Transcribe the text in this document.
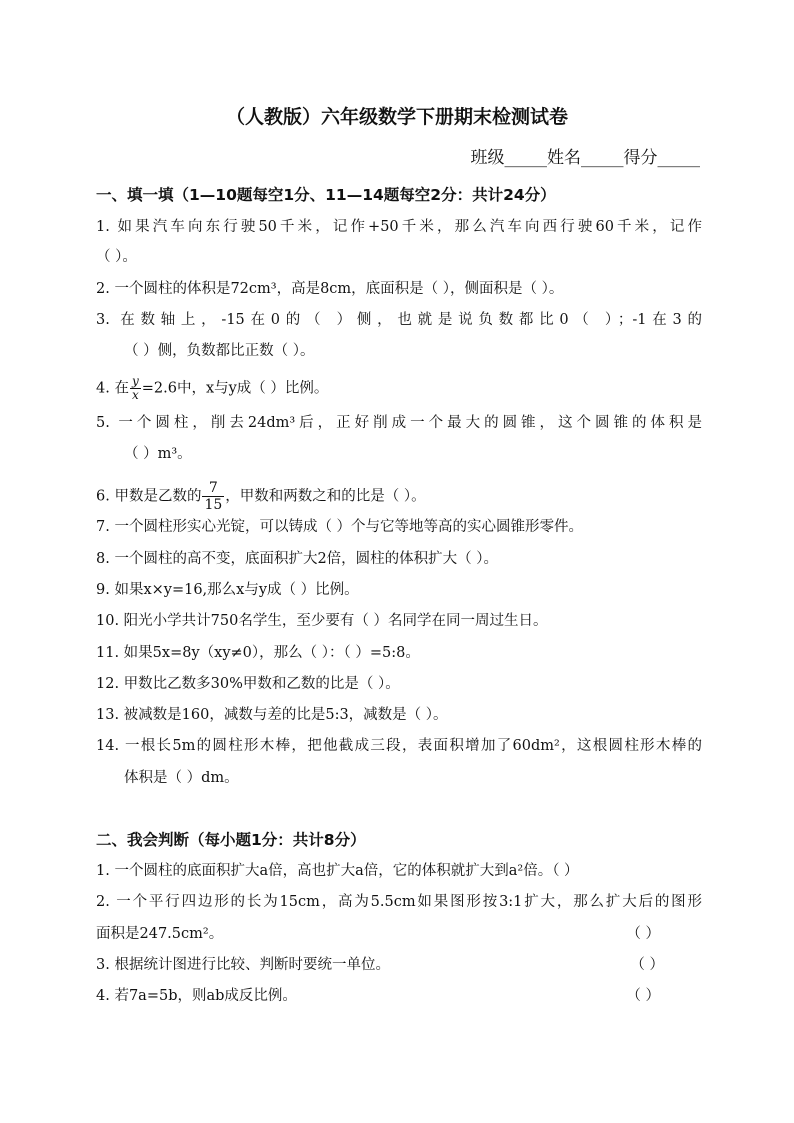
（人教版）六年级数学下册期末检测试卷
班级_____姓名_____得分_____
一、填一填（1—10题每空1分、11—14题每空2分：共计24分）
1. 如果汽车向东行驶50千米，记作+50千米，那么汽车向西行驶60千米，记作
（ ）。
2. 一个圆柱的体积是72cm³，高是8cm，底面积是（ ），侧面积是（ ）。
3. 在数轴上，-15在0的（ ）侧，也就是说负数都比0（ ）；-1在3的
（ ）侧，负数都比正数（ ）。
4. 在 $\frac{y}{x} =2.6$中，x与y成（ ）比例。
5. 一个圆柱，削去24dm³后，正好削成一个最大的圆锥，这个圆锥的体积是
（ ）m³。
6. 甲数是乙数的 $\frac{7}{15}$ ，甲数和两数之和的比是（ ）。
7. 一个圆柱形实心光锭，可以铸成（ ）个与它等地等高的实心圆锥形零件。
8. 一个圆柱的高不变，底面积扩大2倍，圆柱的体积扩大（ ）。
9. 如果x×y=16,那么x与y成（ ）比例。
10. 阳光小学共计750名学生，至少要有（ ）名同学在同一周过生日。
11. 如果5x=8y（xy≠0），那么（ ）：（ ）=5:8。
12. 甲数比乙数多30%甲数和乙数的比是（ ）。
13. 被减数是160，减数与差的比是5:3，减数是（ ）。
14. 一根长5m的圆柱形木棒，把他截成三段，表面积增加了60dm²，这根圆柱形木棒的
体积是（ ）dm。
二、我会判断（每小题1分：共计8分）
1. 一个圆柱的底面积扩大a倍，高也扩大a倍，它的体积就扩大到a²倍。（ ）
2. 一个平行四边形的长为15cm，高为5.5cm如果图形按3:1扩大，那么扩大后的图形
面积是247.5cm²。	（ ）
3. 根据统计图进行比较、判断时要统一单位。	（ ）
4. 若7a=5b，则ab成反比例。	（ ）
